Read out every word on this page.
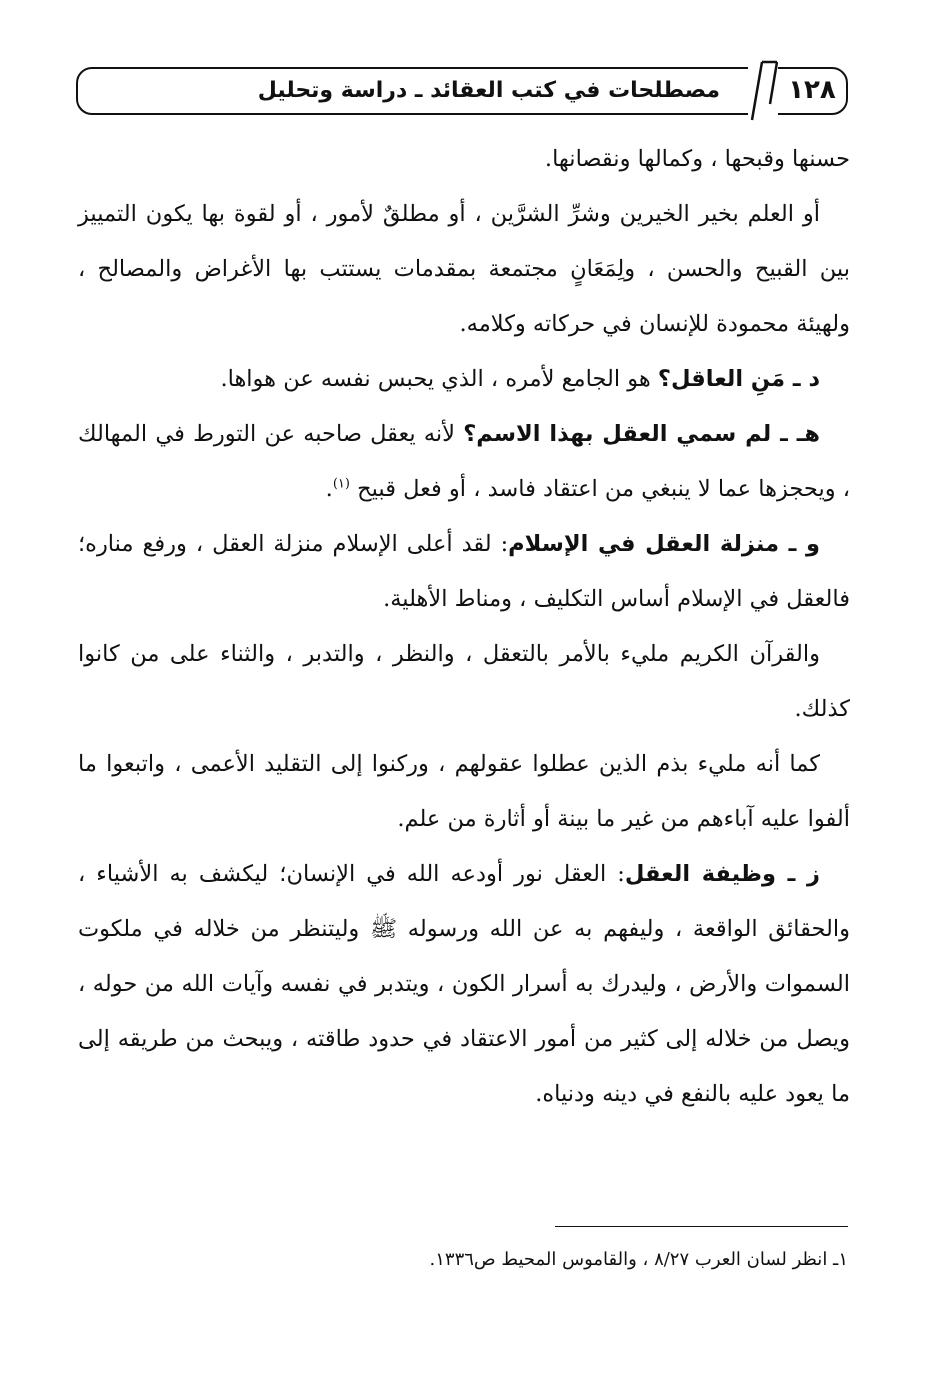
مصطلحات في كتب العقائد ـ دراسة وتحليل	١٢٨

حسنها وقبحها ، وكمالها ونقصانها.

أو العلم بخير الخيرين وشرِّ الشرَّين ، أو مطلقٌ لأمور ، أو لقوة بها يكون التمييز بين القبيح والحسن ، ولِمَعَانٍ مجتمعة بمقدمات يستتب بها الأغراض والمصالح ، ولهيئة محمودة للإنسان في حركاته وكلامه.

د ـ مَنِ العاقل؟ هو الجامع لأمره ، الذي يحبس نفسه عن هواها.

هـ ـ لم سمي العقل بهذا الاسم؟ لأنه يعقل صاحبه عن التورط في المهالك ، ويحجزها عما لا ينبغي من اعتقاد فاسد ، أو فعل قبيح $^{(١)}$.

و ـ منزلة العقل في الإسلام: لقد أعلى الإسلام منزلة العقل ، ورفع مناره؛ فالعقل في الإسلام أساس التكليف ، ومناط الأهلية.

والقرآن الكريم مليء بالأمر بالتعقل ، والنظر ، والتدبر ، والثناء على من كانوا كذلك.

كما أنه مليء بذم الذين عطلوا عقولهم ، وركنوا إلى التقليد الأعمى ، واتبعوا ما ألفوا عليه آباءهم من غير ما بينة أو أثارة من علم.

ز ـ وظيفة العقل: العقل نور أودعه الله في الإنسان؛ ليكشف به الأشياء ، والحقائق الواقعة ، وليفهم به عن الله ورسوله ﷺ وليتنظر من خلاله في ملكوت السموات والأرض ، وليدرك به أسرار الكون ، ويتدبر في نفسه وآيات الله من حوله ، ويصل من خلاله إلى كثير من أمور الاعتقاد في حدود طاقته ، ويبحث من طريقه إلى ما يعود عليه بالنفع في دينه ودنياه.

١ـ انظر لسان العرب ٨/٢٧ ، والقاموس المحيط ص١٣٣٦.
